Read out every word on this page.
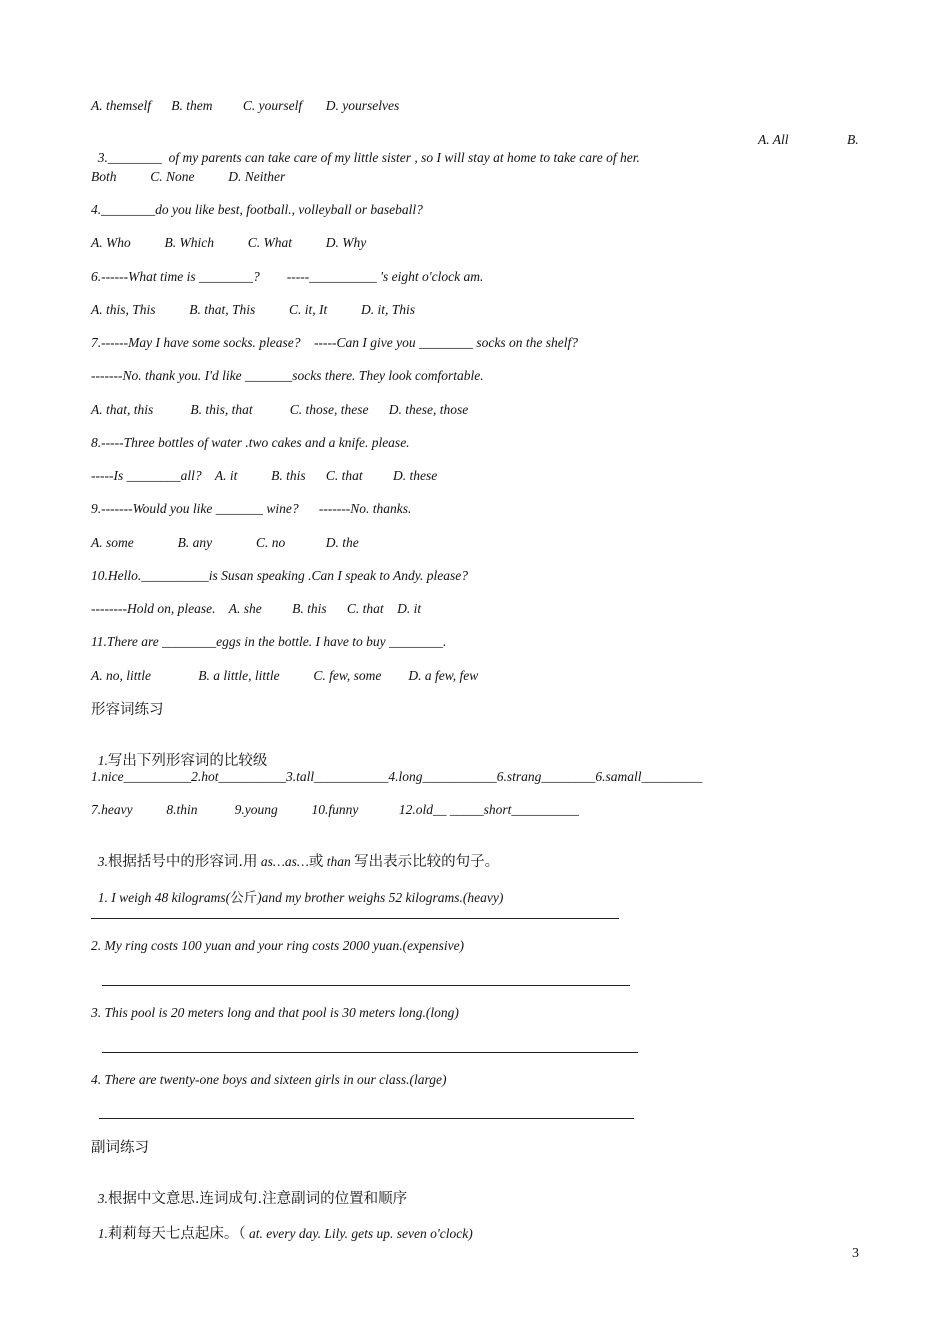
A. themself      B. them         C. yourself       D. yourselves

3.________  of my parents can take care of my little sister , so I will stay at home to take care of her.

A. All	B.
Both          C. None          D. Neither
4.________do you like best, football., volleyball or baseball?
A. Who          B. Which          C. What          D. Why
6.------What time is ________?        -----__________ 's eight o'clock am.
A. this, This          B. that, This          C. it, It          D. it, This
7.------May I have some socks. please?    -----Can I give you ________ socks on the shelf?
-------No. thank you. I'd like _______socks there. They look comfortable.
A. that, this           B. this, that           C. those, these      D. these, those
8.-----Three bottles of water .two cakes and a knife. please.
-----Is ________all?    A. it          B. this      C. that         D. these
9.-------Would you like _______ wine?      -------No. thanks.
A. some             B. any             C. no            D. the
10.Hello.__________is Susan speaking .Can I speak to Andy. please?
--------Hold on, please.    A. she         B. this      C. that    D. it
11.There are ________eggs in the bottle. I have to buy ________.
A. no, little              B. a little, little          C. few, some        D. a few, few
形容词练习

1.写出下列形容词的比较级

1.nice__________2.hot__________3.tall___________4.long___________6.strang________6.samall_________
7.heavy          8.thin           9.young          10.funny            12.old__ _____short__________

3.根据括号中的形容词.用 as…as…或 than 写出表示比较的句子。

1. I weigh 48 kilograms(公斤)and my brother weighs 52 kilograms.(heavy)

2. My ring costs 100 yuan and your ring costs 2000 yuan.(expensive)
3. This pool is 20 meters long and that pool is 30 meters long.(long)
4. There are twenty-one boys and sixteen girls in our class.(large)
副词练习

3.根据中文意思.连词成句.注意副词的位置和顺序

1.莉莉每天七点起床。（ at. every day. Lily. gets up. seven o'clock)

3
